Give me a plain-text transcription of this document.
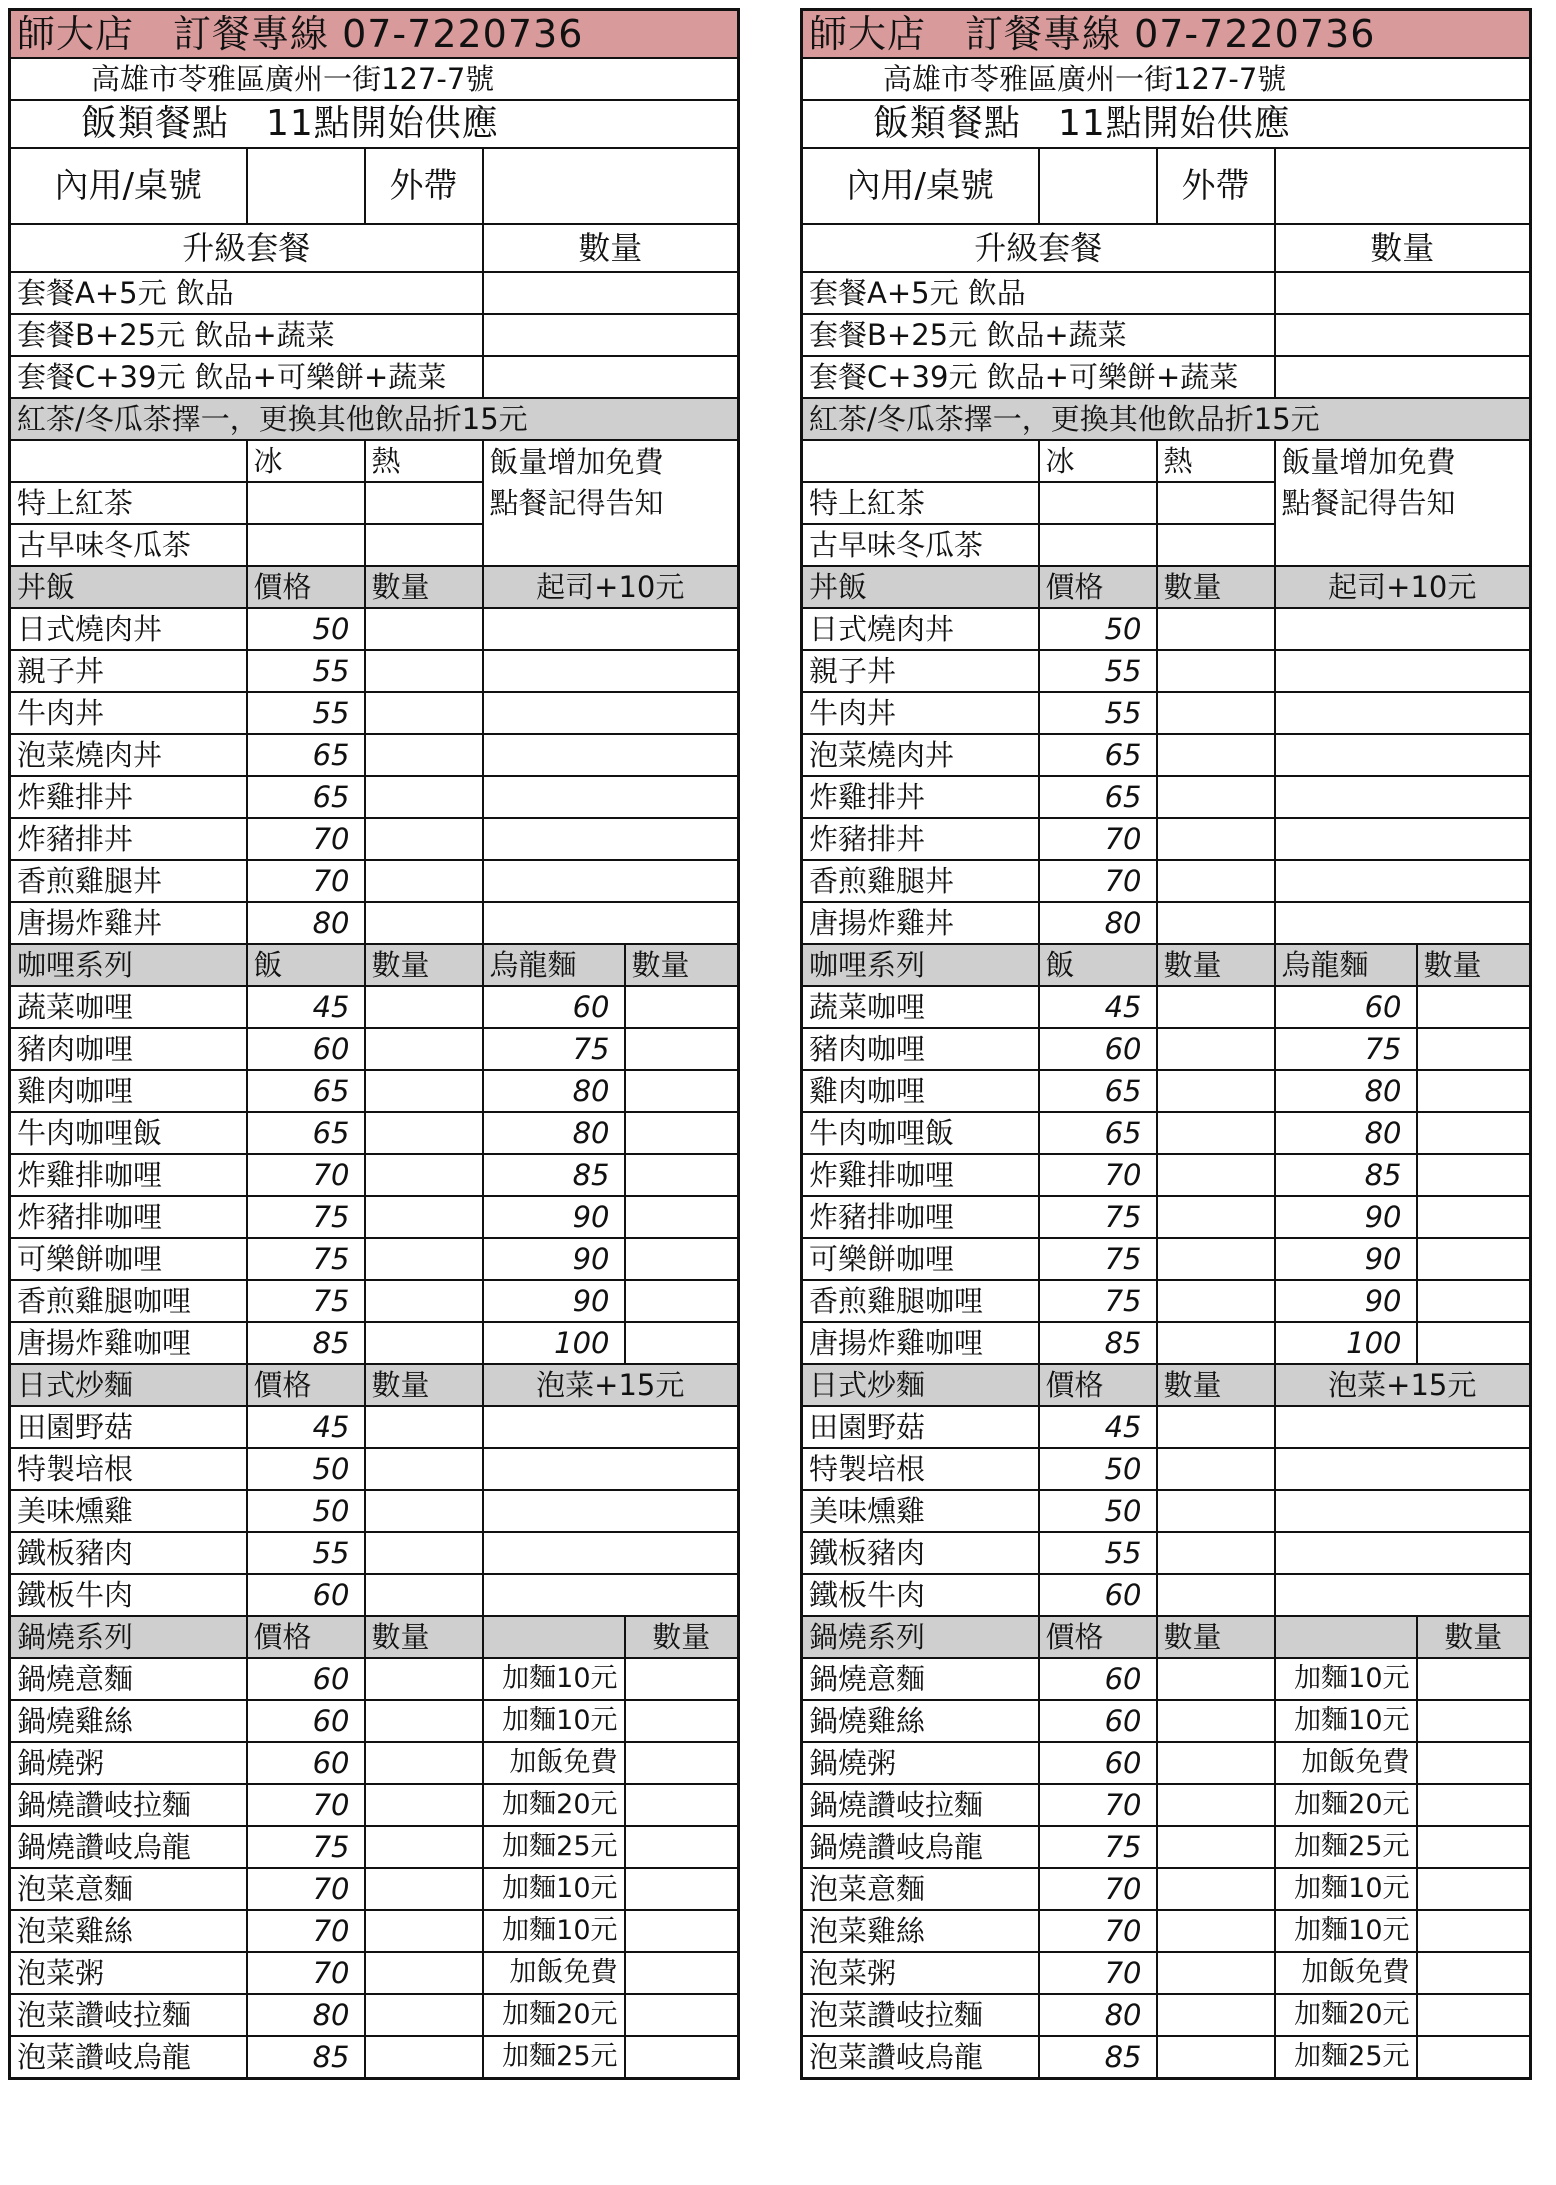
師大店　訂餐專線 07-7220736				
高雄市苓雅區廣州一街127-7號				
飯類餐點　11點開始供應				
內用/桌號		外帶		
升級套餐			數量	
套餐A+5元 飲品				
套餐B+25元 飲品+蔬菜				
套餐C+39元 飲品+可樂餅+蔬菜				
紅茶/冬瓜茶擇一，更換其他飲品折15元				
	冰	熱	飯量增加免費	
特上紅茶			點餐記得告知	
古早味冬瓜茶				
丼飯	價格	數量	起司+10元	
日式燒肉丼	50			
親子丼	55			
牛肉丼	55			
泡菜燒肉丼	65			
炸雞排丼	65			
炸豬排丼	70			
香煎雞腿丼	70			
唐揚炸雞丼	80			
咖哩系列	飯	數量	烏龍麵	數量
蔬菜咖哩	45		60	
豬肉咖哩	60		75	
雞肉咖哩	65		80	
牛肉咖哩飯	65		80	
炸雞排咖哩	70		85	
炸豬排咖哩	75		90	
可樂餅咖哩	75		90	
香煎雞腿咖哩	75		90	
唐揚炸雞咖哩	85		100	
日式炒麵	價格	數量	泡菜+15元	
田園野菇	45			
特製培根	50			
美味燻雞	50			
鐵板豬肉	55			
鐵板牛肉	60			
鍋燒系列	價格	數量		數量
鍋燒意麵	60		加麵10元	
鍋燒雞絲	60		加麵10元	
鍋燒粥	60		加飯免費	
鍋燒讚岐拉麵	70		加麵20元	
鍋燒讚岐烏龍	75		加麵25元	
泡菜意麵	70		加麵10元	
泡菜雞絲	70		加麵10元	
泡菜粥	70		加飯免費	
泡菜讚岐拉麵	80		加麵20元	
泡菜讚岐烏龍	85		加麵25元	
師大店　訂餐專線 07-7220736				
高雄市苓雅區廣州一街127-7號				
飯類餐點　11點開始供應				
內用/桌號		外帶		
升級套餐			數量	
套餐A+5元 飲品				
套餐B+25元 飲品+蔬菜				
套餐C+39元 飲品+可樂餅+蔬菜				
紅茶/冬瓜茶擇一，更換其他飲品折15元				
	冰	熱	飯量增加免費	
特上紅茶			點餐記得告知	
古早味冬瓜茶				
丼飯	價格	數量	起司+10元	
日式燒肉丼	50			
親子丼	55			
牛肉丼	55			
泡菜燒肉丼	65			
炸雞排丼	65			
炸豬排丼	70			
香煎雞腿丼	70			
唐揚炸雞丼	80			
咖哩系列	飯	數量	烏龍麵	數量
蔬菜咖哩	45		60	
豬肉咖哩	60		75	
雞肉咖哩	65		80	
牛肉咖哩飯	65		80	
炸雞排咖哩	70		85	
炸豬排咖哩	75		90	
可樂餅咖哩	75		90	
香煎雞腿咖哩	75		90	
唐揚炸雞咖哩	85		100	
日式炒麵	價格	數量	泡菜+15元	
田園野菇	45			
特製培根	50			
美味燻雞	50			
鐵板豬肉	55			
鐵板牛肉	60			
鍋燒系列	價格	數量		數量
鍋燒意麵	60		加麵10元	
鍋燒雞絲	60		加麵10元	
鍋燒粥	60		加飯免費	
鍋燒讚岐拉麵	70		加麵20元	
鍋燒讚岐烏龍	75		加麵25元	
泡菜意麵	70		加麵10元	
泡菜雞絲	70		加麵10元	
泡菜粥	70		加飯免費	
泡菜讚岐拉麵	80		加麵20元	
泡菜讚岐烏龍	85		加麵25元	
